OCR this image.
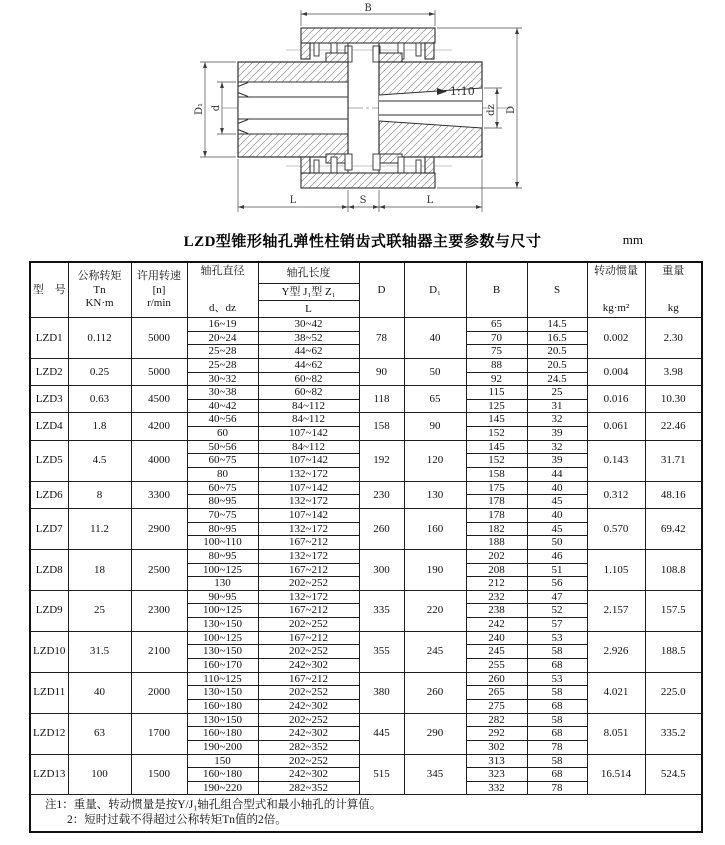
1:10
B
D₁ d	dz D
L	S	L
LZD型锥形轴孔弹性柱销齿式联轴器主要参数与尺寸	mm
型　号	公称转矩
Tn
KN·m	许用转速
[n]
r/min	轴孔直径
d、dz	轴孔长度	D	D₁	B	S	转动惯量
kg·m²	重量
kg

				Y型 J₁型 Z₁						
				L						
LZD1	0.112	5000	16~19	30~42	78	40	65	14.5	0.002	2.30
			20~24	38~52			70	16.5		
			25~28	44~62			75	20.5		
LZD2	0.25	5000	25~28	44~62	90	50	88	20.5	0.004	3.98
			30~32	60~82			92	24.5		
LZD3	0.63	4500	30~38	60~82	118	65	115	25	0.016	10.30
			40~42	84~112			125	31		
LZD4	1.8	4200	40~56	84~112	158	90	145	32	0.061	22.46
			60	107~142			152	39		
LZD5	4.5	4000	50~56	84~112	192	120	145	32	0.143	31.71
			60~75	107~142			152	39		
			80	132~172			158	44		
LZD6	8	3300	60~75	107~142	230	130	175	40	0.312	48.16
			80~95	132~172			178	45		
LZD7	11.2	2900	70~75	107~142	260	160	178	40	0.570	69.42
			80~95	132~172			182	45		
			100~110	167~212			188	50		
LZD8	18	2500	80~95	132~172	300	190	202	46	1.105	108.8
			100~125	167~212			208	51		
			130	202~252			212	56		
LZD9	25	2300	90~95	132~172	335	220	232	47	2.157	157.5
			100~125	167~212			238	52		
			130~150	202~252			242	57		
LZD10	31.5	2100	100~125	167~212	355	245	240	53	2.926	188.5
			130~150	202~252			245	58		
			160~170	242~302			255	68		
LZD11	40	2000	110~125	167~212	380	260	260	53	4.021	225.0
			130~150	202~252			265	58		
			160~180	242~302			275	68		
LZD12	63	1700	130~150	202~252	445	290	282	58	8.051	335.2
			160~180	242~302			292	68		
			190~200	282~352			302	78		
LZD13	100	1500	150	202~252	515	345	313	58	16.514	524.5
			160~180	242~302			323	68		
			190~220	282~352			332	78		

注1：重量、转动惯量是按Y/J₁轴孔组合型式和最小轴孔的计算值。
2：短时过载不得超过公称转矩Tn值的2倍。										
